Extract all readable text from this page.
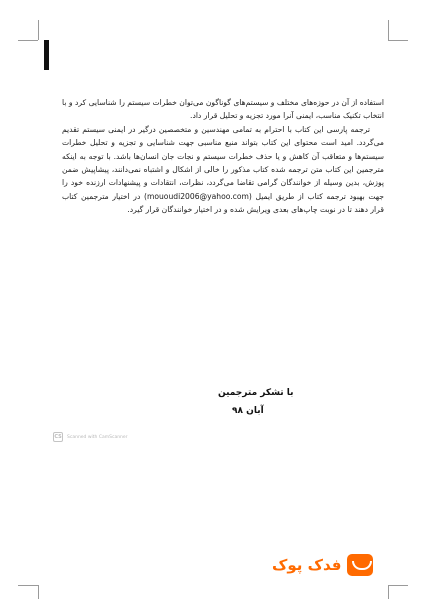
استفاده از آن در حوزه‌های مختلف و سیستم‌های گوناگون می‌توان خطرات سیستم را شناسایی کرد و با انتخاب تکنیک مناسب، ایمنی آنرا مورد تجزیه و تحلیل قرار داد.

ترجمه پارسی این کتاب با احترام به تمامی مهندسین و متخصصین درگیر در ایمنی سیستم تقدیم می‌گردد. امید است محتوای این کتاب بتواند منبع مناسبی جهت شناسایی و تجزیه و تحلیل خطرات سیستم‌ها و متعاقب آن کاهش و یا حذف خطرات سیستم و نجات جان انسان‌ها باشد. با توجه به اینکه مترجمین این کتاب متن ترجمه شده کتاب مذکور را خالی از اشکال و اشتباه نمی‌دانند، پیشاپیش ضمن پوزش، بدین وسیله از خوانندگان گرامی تقاضا می‌گردد، نظرات، انتقادات و پیشنهادات ارزنده خود را جهت بهبود ترجمه کتاب از طریق ایمیل (mououdi2006@yahoo.com) در اختیار مترجمین کتاب قرار دهند تا در نوبت چاپ‌های بعدی ویرایش شده و در اختیار خوانندگان قرار گیرد.

با تشکر مترجمین
آبان ۹۸
CS Scanned with CamScanner
فدک پوک
